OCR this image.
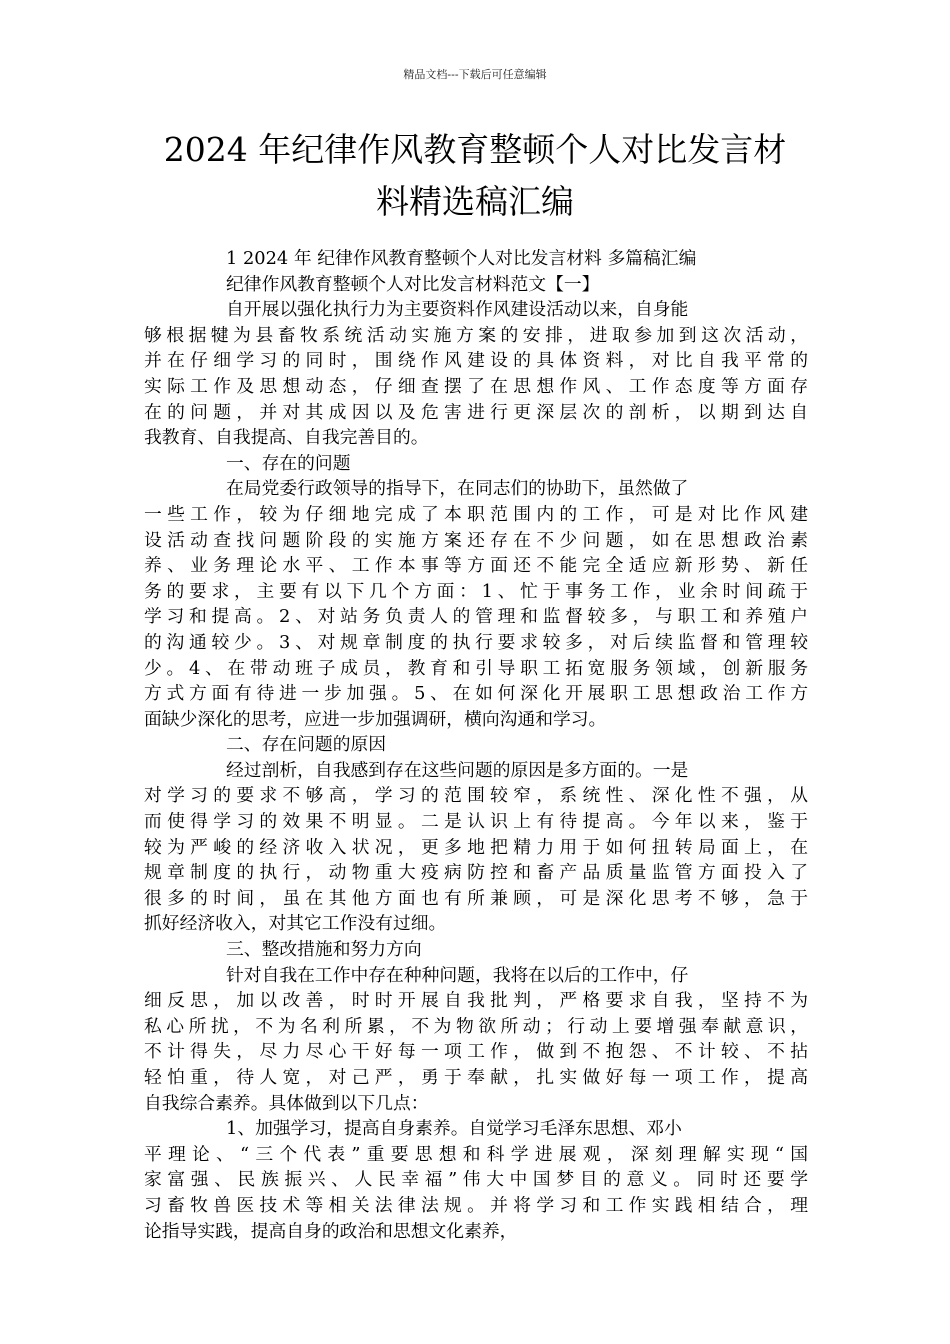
精品文档---下载后可任意编辑
2024 年纪律作风教育整顿个人对比发言材
料精选稿汇编
1 2024 年 纪律作风教育整顿个人对比发言材料 多篇稿汇编
纪律作风教育整顿个人对比发言材料范文【一】
自开展以强化执行力为主要资料作风建设活动以来，自身能
够根据犍为县畜牧系统活动实施方案的安排，进取参加到这次活动，
并在仔细学习的同时，围绕作风建设的具体资料，对比自我平常的
实际工作及思想动态，仔细查摆了在思想作风、工作态度等方面存
在的问题，并对其成因以及危害进行更深层次的剖析，以期到达自
我教育、自我提高、自我完善目的。
一、存在的问题
在局党委行政领导的指导下，在同志们的协助下，虽然做了
一些工作，较为仔细地完成了本职范围内的工作，可是对比作风建
设活动查找问题阶段的实施方案还存在不少问题，如在思想政治素
养、业务理论水平、工作本事等方面还不能完全适应新形势、新任
务的要求，主要有以下几个方面：1、忙于事务工作，业余时间疏于
学习和提高。2、对站务负责人的管理和监督较多，与职工和养殖户
的沟通较少。3、对规章制度的执行要求较多，对后续监督和管理较
少。4、在带动班子成员，教育和引导职工拓宽服务领域，创新服务
方式方面有待进一步加强。5、在如何深化开展职工思想政治工作方
面缺少深化的思考，应进一步加强调研，横向沟通和学习。
二、存在问题的原因
经过剖析，自我感到存在这些问题的原因是多方面的。一是
对学习的要求不够高，学习的范围较窄，系统性、深化性不强，从
而使得学习的效果不明显。二是认识上有待提高。今年以来，鉴于
较为严峻的经济收入状况，更多地把精力用于如何扭转局面上，在
规章制度的执行，动物重大疫病防控和畜产品质量监管方面投入了
很多的时间，虽在其他方面也有所兼顾，可是深化思考不够，急于
抓好经济收入，对其它工作没有过细。
三、整改措施和努力方向
针对自我在工作中存在种种问题，我将在以后的工作中，仔
细反思，加以改善，时时开展自我批判，严格要求自我，坚持不为
私心所扰，不为名利所累，不为物欲所动；行动上要增强奉献意识，
不计得失，尽力尽心干好每一项工作，做到不抱怨、不计较、不拈
轻怕重，待人宽，对己严，勇于奉献，扎实做好每一项工作，提高
自我综合素养。具体做到以下几点：
1、加强学习，提高自身素养。自觉学习毛泽东思想、邓小
平理论、“三个代表”重要思想和科学进展观，深刻理解实现“国
家富强、民族振兴、人民幸福”伟大中国梦目的意义。同时还要学
习畜牧兽医技术等相关法律法规。并将学习和工作实践相结合，理
论指导实践，提高自身的政治和思想文化素养，
